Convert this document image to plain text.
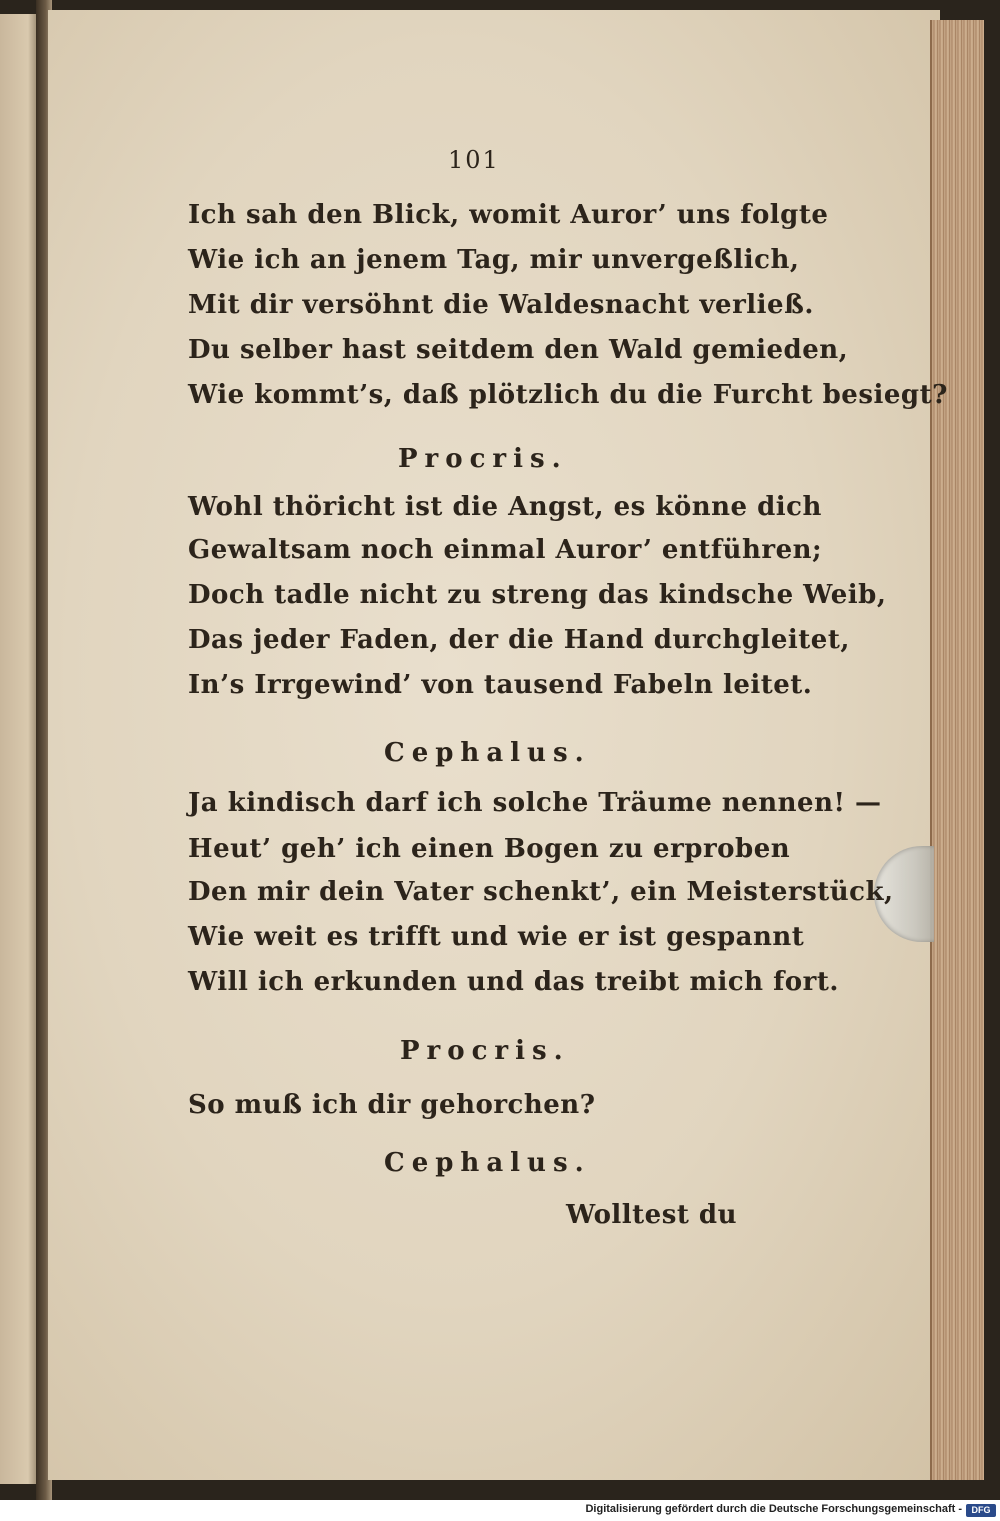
101

Ich sah den Blick, womit Auror’ uns folgte

Wie ich an jenem Tag, mir unvergeßlich,

Mit dir versöhnt die Waldesnacht verließ.

Du selber hast seitdem den Wald gemieden,

Wie kommt’s, daß plötzlich du die Furcht besiegt?

Procris.

Wohl thöricht ist die Angst, es könne dich

Gewaltsam noch einmal Auror’ entführen;

Doch tadle nicht zu streng das kindsche Weib,

Das jeder Faden, der die Hand durchgleitet,

In’s Irrgewind’ von tausend Fabeln leitet.

Cephalus.

Ja kindisch darf ich solche Träume nennen! —

Heut’ geh’ ich einen Bogen zu erproben

Den mir dein Vater schenkt’, ein Meisterstück,

Wie weit es trifft und wie er ist gespannt

Will ich erkunden und das treibt mich fort.

Procris.

So muß ich dir gehorchen?

Cephalus.

Wolltest du

Digitalisierung gefördert durch die Deutsche Forschungsgemeinschaft -	DFG
